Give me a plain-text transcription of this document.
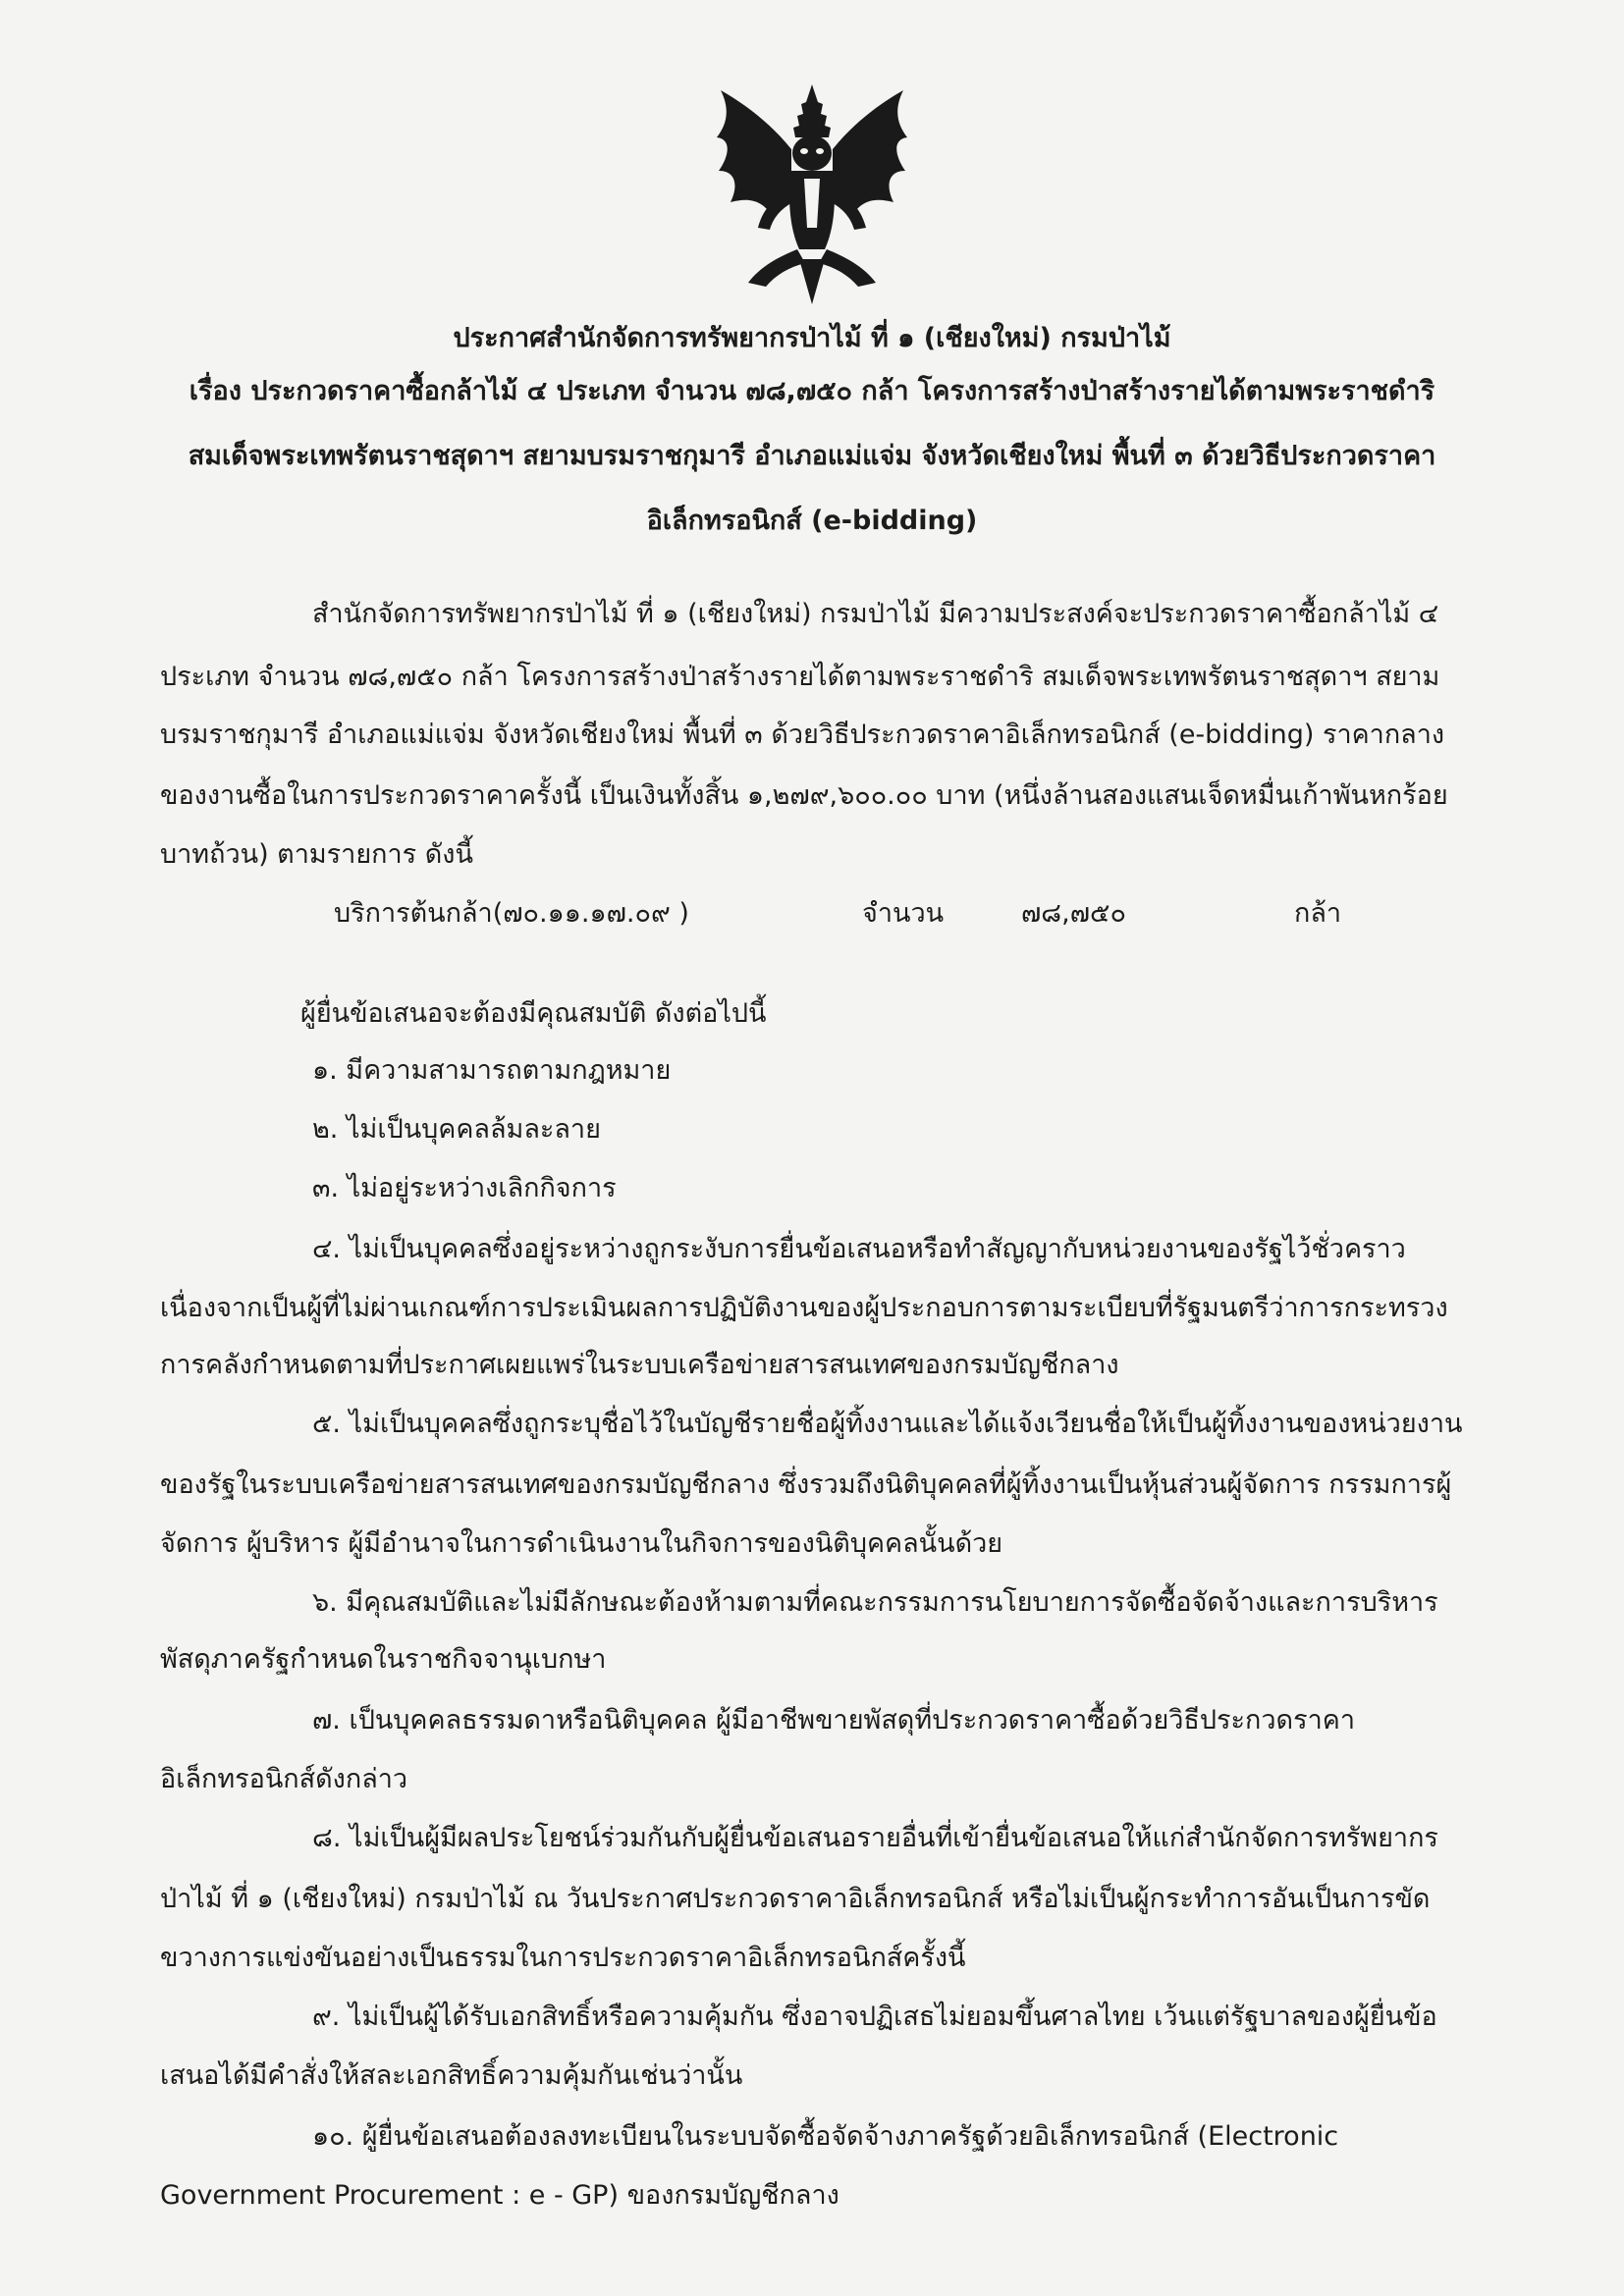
ประกาศสำนักจัดการทรัพยากรป่าไม้ ที่ ๑ (เชียงใหม่) กรมป่าไม้
เรื่อง ประกวดราคาซื้อกล้าไม้ ๔ ประเภท จำนวน ๗๘,๗๕๐ กล้า โครงการสร้างป่าสร้างรายได้ตามพระราชดำริ
สมเด็จพระเทพรัตนราชสุดาฯ สยามบรมราชกุมารี อำเภอแม่แจ่ม จังหวัดเชียงใหม่ พื้นที่ ๓ ด้วยวิธีประกวดราคา
อิเล็กทรอนิกส์ (e-bidding)
สำนักจัดการทรัพยากรป่าไม้ ที่ ๑ (เชียงใหม่) กรมป่าไม้ มีความประสงค์จะประกวดราคาซื้อกล้าไม้ ๔
ประเภท จำนวน ๗๘,๗๕๐ กล้า โครงการสร้างป่าสร้างรายได้ตามพระราชดำริ สมเด็จพระเทพรัตนราชสุดาฯ สยาม
บรมราชกุมารี อำเภอแม่แจ่ม จังหวัดเชียงใหม่ พื้นที่ ๓ ด้วยวิธีประกวดราคาอิเล็กทรอนิกส์ (e-bidding) ราคากลาง
ของงานซื้อในการประกวดราคาครั้งนี้ เป็นเงินทั้งสิ้น ๑,๒๗๙,๖๐๐.๐๐ บาท (หนึ่งล้านสองแสนเจ็ดหมื่นเก้าพันหกร้อย
บาทถ้วน) ตามรายการ ดังนี้
บริการต้นกล้า(๗๐.๑๑.๑๗.๐๙ )	จำนวน	๗๘,๗๕๐	กล้า
ผู้ยื่นข้อเสนอจะต้องมีคุณสมบัติ ดังต่อไปนี้
๑. มีความสามารถตามกฎหมาย
๒. ไม่เป็นบุคคลล้มละลาย
๓. ไม่อยู่ระหว่างเลิกกิจการ
๔. ไม่เป็นบุคคลซึ่งอยู่ระหว่างถูกระงับการยื่นข้อเสนอหรือทำสัญญากับหน่วยงานของรัฐไว้ชั่วคราว
เนื่องจากเป็นผู้ที่ไม่ผ่านเกณฑ์การประเมินผลการปฏิบัติงานของผู้ประกอบการตามระเบียบที่รัฐมนตรีว่าการกระทรวง
การคลังกำหนดตามที่ประกาศเผยแพร่ในระบบเครือข่ายสารสนเทศของกรมบัญชีกลาง
๕. ไม่เป็นบุคคลซึ่งถูกระบุชื่อไว้ในบัญชีรายชื่อผู้ทิ้งงานและได้แจ้งเวียนชื่อให้เป็นผู้ทิ้งงานของหน่วยงาน
ของรัฐในระบบเครือข่ายสารสนเทศของกรมบัญชีกลาง ซึ่งรวมถึงนิติบุคคลที่ผู้ทิ้งงานเป็นหุ้นส่วนผู้จัดการ กรรมการผู้
จัดการ ผู้บริหาร ผู้มีอำนาจในการดำเนินงานในกิจการของนิติบุคคลนั้นด้วย
๖. มีคุณสมบัติและไม่มีลักษณะต้องห้ามตามที่คณะกรรมการนโยบายการจัดซื้อจัดจ้างและการบริหาร
พัสดุภาครัฐกำหนดในราชกิจจานุเบกษา
๗. เป็นบุคคลธรรมดาหรือนิติบุคคล ผู้มีอาชีพขายพัสดุที่ประกวดราคาซื้อด้วยวิธีประกวดราคา
อิเล็กทรอนิกส์ดังกล่าว
๘. ไม่เป็นผู้มีผลประโยชน์ร่วมกันกับผู้ยื่นข้อเสนอรายอื่นที่เข้ายื่นข้อเสนอให้แก่สำนักจัดการทรัพยากร
ป่าไม้ ที่ ๑ (เชียงใหม่) กรมป่าไม้ ณ วันประกาศประกวดราคาอิเล็กทรอนิกส์ หรือไม่เป็นผู้กระทำการอันเป็นการขัด
ขวางการแข่งขันอย่างเป็นธรรมในการประกวดราคาอิเล็กทรอนิกส์ครั้งนี้
๙. ไม่เป็นผู้ได้รับเอกสิทธิ์หรือความคุ้มกัน ซึ่งอาจปฏิเสธไม่ยอมขึ้นศาลไทย เว้นแต่รัฐบาลของผู้ยื่นข้อ
เสนอได้มีคำสั่งให้สละเอกสิทธิ์ความคุ้มกันเช่นว่านั้น
๑๐. ผู้ยื่นข้อเสนอต้องลงทะเบียนในระบบจัดซื้อจัดจ้างภาครัฐด้วยอิเล็กทรอนิกส์ (Electronic
Government Procurement : e - GP) ของกรมบัญชีกลาง
